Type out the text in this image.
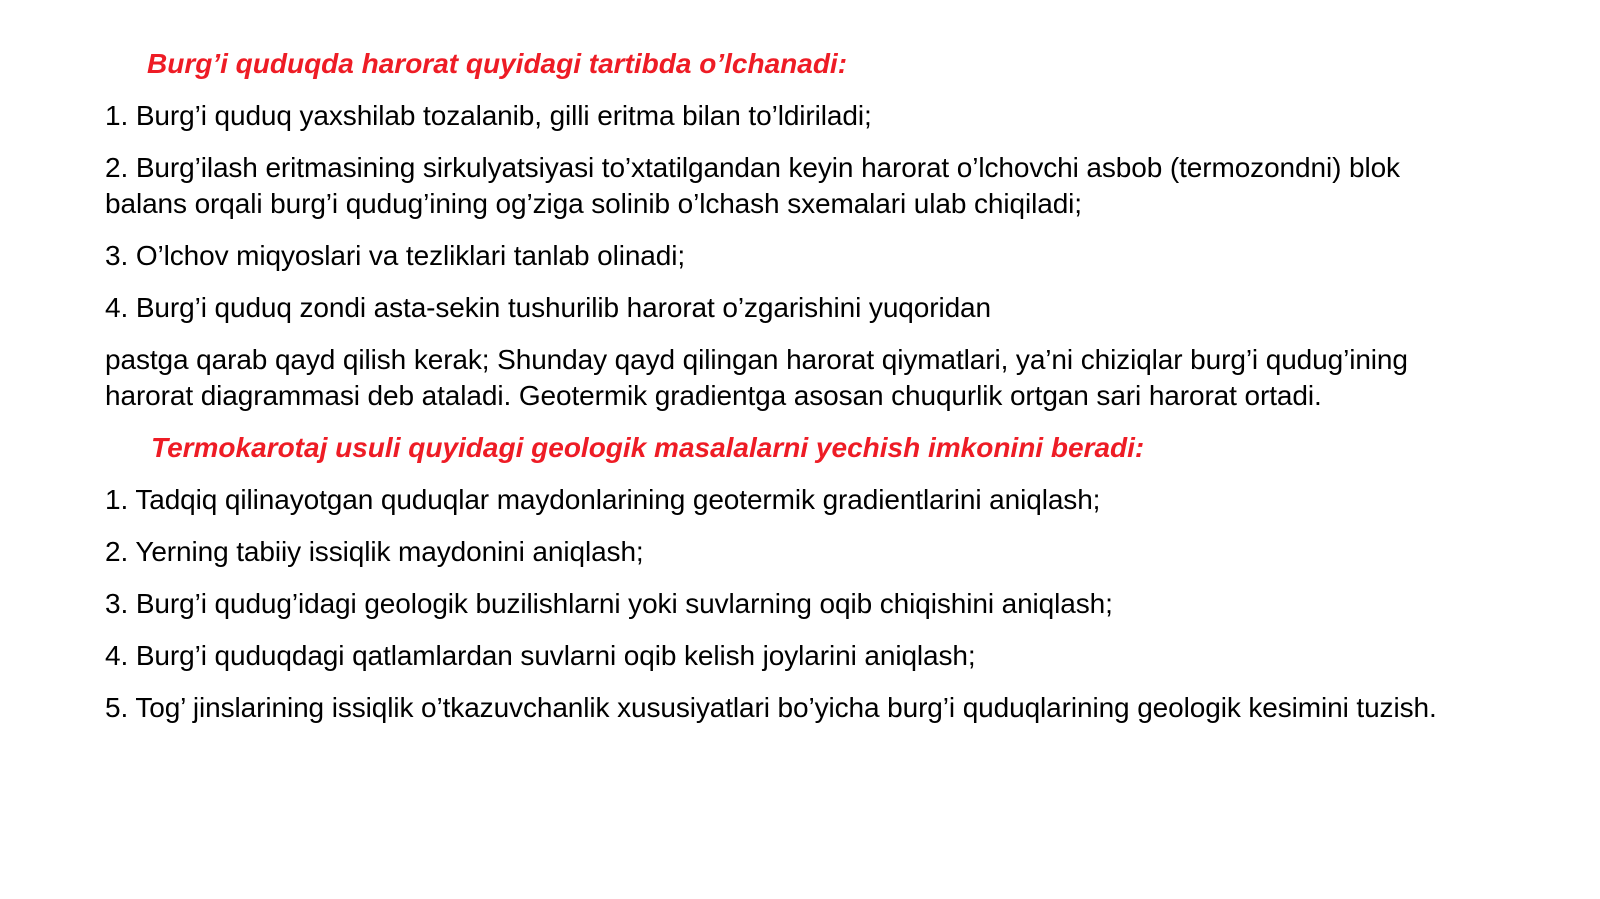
Burg’i quduqda harorat quyidagi tartibda o’lchanadi:
1. Burg’i quduq yaxshilab tozalanib, gilli eritma bilan to’ldiriladi;
2. Burg’ilash eritmasining sirkulyatsiyasi to’xtatilgandan keyin harorat o’lchovchi asbob (termozondni) blok balans orqali burg’i qudug’ining og’ziga solinib o’lchash sxemalari ulab chiqiladi;
3. O’lchov miqyoslari va tezliklari tanlab olinadi;
4. Burg’i quduq zondi asta-sekin tushurilib harorat o’zgarishini yuqoridan
pastga qarab qayd qilish kerak; Shunday qayd qilingan harorat qiymatlari, ya’ni chiziqlar burg’i qudug’ining harorat diagrammasi deb ataladi. Geotermik gradientga asosan chuqurlik ortgan sari harorat ortadi.
Termokarotaj usuli quyidagi geologik masalalarni yechish imkonini beradi:
1. Tadqiq qilinayotgan quduqlar maydonlarining geotermik gradientlarini aniqlash;
2. Yerning tabiiy issiqlik maydonini aniqlash;
3. Burg’i qudug’idagi geologik buzilishlarni yoki suvlarning oqib chiqishini aniqlash;
4. Burg’i quduqdagi qatlamlardan suvlarni oqib kelish joylarini aniqlash;
5. Tog’ jinslarining issiqlik o’tkazuvchanlik xususiyatlari bo’yicha burg’i quduqlarining geologik kesimini tuzish.
